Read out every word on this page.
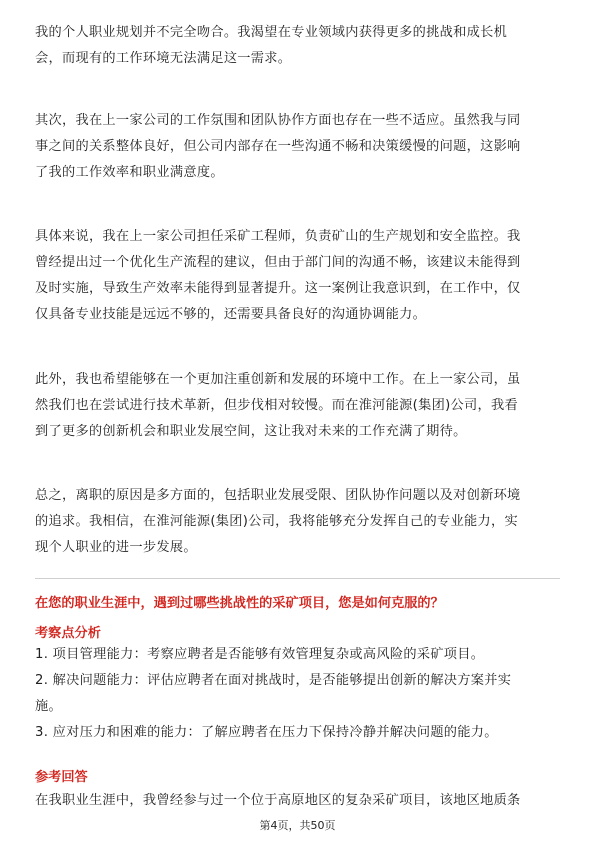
我的个人职业规划并不完全吻合。我渴望在专业领域内获得更多的挑战和成长机
会，而现有的工作环境无法满足这一需求。
其次，我在上一家公司的工作氛围和团队协作方面也存在一些不适应。虽然我与同
事之间的关系整体良好，但公司内部存在一些沟通不畅和决策缓慢的问题，这影响
了我的工作效率和职业满意度。
具体来说，我在上一家公司担任采矿工程师，负责矿山的生产规划和安全监控。我
曾经提出过一个优化生产流程的建议，但由于部门间的沟通不畅，该建议未能得到
及时实施，导致生产效率未能得到显著提升。这一案例让我意识到，在工作中，仅
仅具备专业技能是远远不够的，还需要具备良好的沟通协调能力。
此外，我也希望能够在一个更加注重创新和发展的环境中工作。在上一家公司，虽
然我们也在尝试进行技术革新，但步伐相对较慢。而在淮河能源(集团)公司，我看
到了更多的创新机会和职业发展空间，这让我对未来的工作充满了期待。
总之，离职的原因是多方面的，包括职业发展受限、团队协作问题以及对创新环境
的追求。我相信，在淮河能源(集团)公司，我将能够充分发挥自己的专业能力，实
现个人职业的进一步发展。
在您的职业生涯中，遇到过哪些挑战性的采矿项目，您是如何克服的？
考察点分析
1. 项目管理能力：考察应聘者是否能够有效管理复杂或高风险的采矿项目。
2. 解决问题能力：评估应聘者在面对挑战时，是否能够提出创新的解决方案并实
施。
3. 应对压力和困难的能力：了解应聘者在压力下保持冷静并解决问题的能力。
参考回答
在我职业生涯中，我曾经参与过一个位于高原地区的复杂采矿项目，该地区地质条
第4页，共50页
